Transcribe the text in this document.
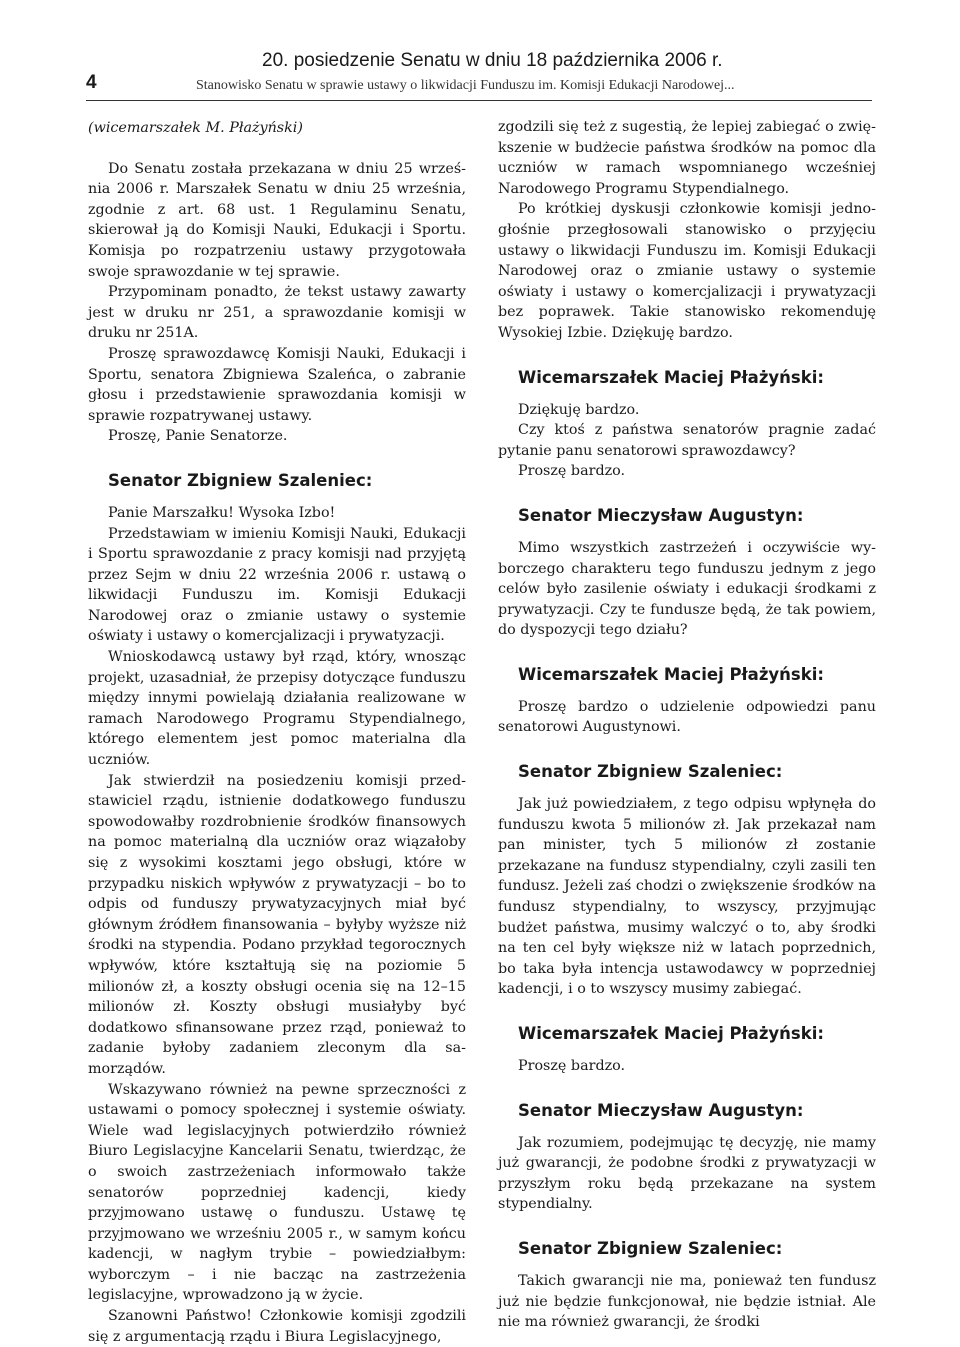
4
20. posiedzenie Senatu w dniu 18 października 2006 r.
Stanowisko Senatu w sprawie ustawy o likwidacji Funduszu im. Komisji Edukacji Narodowej...

(wicemarszałek M. Płażyński)

Do Senatu została przekazana w dniu 25 września 2006 r. Marszałek Senatu w dniu 25 września, zgodnie z art. 68 ust. 1 Regulaminu Senatu, skierował ją do Komisji Nauki, Edukacji i Sportu. Komisja po rozpatrzeniu ustawy przygotowała swoje sprawozdanie w tej sprawie.

Przypominam ponadto, że tekst ustawy zawarty jest w druku nr 251, a sprawozdanie komisji w druku nr 251A.

Proszę sprawozdawcę Komisji Nauki, Edukacji i Sportu, senatora Zbigniewa Szaleńca, o zabranie głosu i przedstawienie sprawozdania komisji w sprawie rozpatrywanej ustawy.

Proszę, Panie Senatorze.

Senator Zbigniew Szaleniec:

Panie Marszałku! Wysoka Izbo!

Przedstawiam w imieniu Komisji Nauki, Edukacji i Sportu sprawozdanie z pracy komisji nad przyjętą przez Sejm w dniu 22 września 2006 r. ustawą o likwidacji Funduszu im. Komisji Edukacji Narodowej oraz o zmianie ustawy o systemie oświaty i ustawy o komercjalizacji i prywatyzacji.

Wnioskodawcą ustawy był rząd, który, wnosząc projekt, uzasadniał, że przepisy dotyczące funduszu między innymi powielają działania realizowane w ramach Narodowego Programu Stypendialnego, którego elementem jest pomoc materialna dla uczniów.

Jak stwierdził na posiedzeniu komisji przedstawiciel rządu, istnienie dodatkowego funduszu spowodowałby rozdrobnienie środków finansowych na pomoc materialną dla uczniów oraz wiązałoby się z wysokimi kosztami jego obsługi, które w przypadku niskich wpływów z prywatyzacji – bo to odpis od funduszy prywatyzacyjnych miał być głównym źródłem finansowania – byłyby wyższe niż środki na stypendia. Podano przykład tegorocznych wpływów, które kształtują się na poziomie 5 milionów zł, a koszty obsługi ocenia się na 12–15 milionów zł. Koszty obsługi musiałyby być dodatkowo sfinansowane przez rząd, ponieważ to zadanie byłoby zadaniem zleconym dla samorządów.

Wskazywano również na pewne sprzeczności z ustawami o pomocy społecznej i systemie oświaty. Wiele wad legislacyjnych potwierdziło również Biuro Legislacyjne Kancelarii Senatu, twierdząc, że o swoich zastrzeżeniach informowało także senatorów poprzedniej kadencji, kiedy przyjmowano ustawę o funduszu. Ustawę tę przyjmowano we wrześniu 2005 r., w samym końcu kadencji, w nagłym trybie – powiedziałbym: wyborczym – i nie bacząc na zastrzeżenia legislacyjne, wprowadzono ją w życie.

Szanowni Państwo! Członkowie komisji zgodzili się z argumentacją rządu i Biura Legislacyjnego,

zgodzili się też z sugestią, że lepiej zabiegać o zwiększenie w budżecie państwa środków na pomoc dla uczniów w ramach wspomnianego wcześniej Narodowego Programu Stypendialnego.

Po krótkiej dyskusji członkowie komisji jednogłośnie przegłosowali stanowisko o przyjęciu ustawy o likwidacji Funduszu im. Komisji Edukacji Narodowej oraz o zmianie ustawy o systemie oświaty i ustawy o komercjalizacji i prywatyzacji bez poprawek. Takie stanowisko rekomenduję Wysokiej Izbie. Dziękuję bardzo.

Wicemarszałek Maciej Płażyński:

Dziękuję bardzo.

Czy ktoś z państwa senatorów pragnie zadać pytanie panu senatorowi sprawozdawcy?

Proszę bardzo.

Senator Mieczysław Augustyn:

Mimo wszystkich zastrzeżeń i oczywiście wyborczego charakteru tego funduszu jednym z jego celów było zasilenie oświaty i edukacji środkami z prywatyzacji. Czy te fundusze będą, że tak powiem, do dyspozycji tego działu?

Wicemarszałek Maciej Płażyński:

Proszę bardzo o udzielenie odpowiedzi panu senatorowi Augustynowi.

Senator Zbigniew Szaleniec:

Jak już powiedziałem, z tego odpisu wpłynęła do funduszu kwota 5 milionów zł. Jak przekazał nam pan minister, tych 5 milionów zł zostanie przekazane na fundusz stypendialny, czyli zasili ten fundusz. Jeżeli zaś chodzi o zwiększenie środków na fundusz stypendialny, to wszyscy, przyjmując budżet państwa, musimy walczyć o to, aby środki na ten cel były większe niż w latach poprzednich, bo taka była intencja ustawodawcy w poprzedniej kadencji, i o to wszyscy musimy zabiegać.

Wicemarszałek Maciej Płażyński:

Proszę bardzo.

Senator Mieczysław Augustyn:

Jak rozumiem, podejmując tę decyzję, nie mamy już gwarancji, że podobne środki z prywatyzacji w przyszłym roku będą przekazane na system stypendialny.

Senator Zbigniew Szaleniec:

Takich gwarancji nie ma, ponieważ ten fundusz już nie będzie funkcjonował, nie będzie istniał. Ale nie ma również gwarancji, że środki
